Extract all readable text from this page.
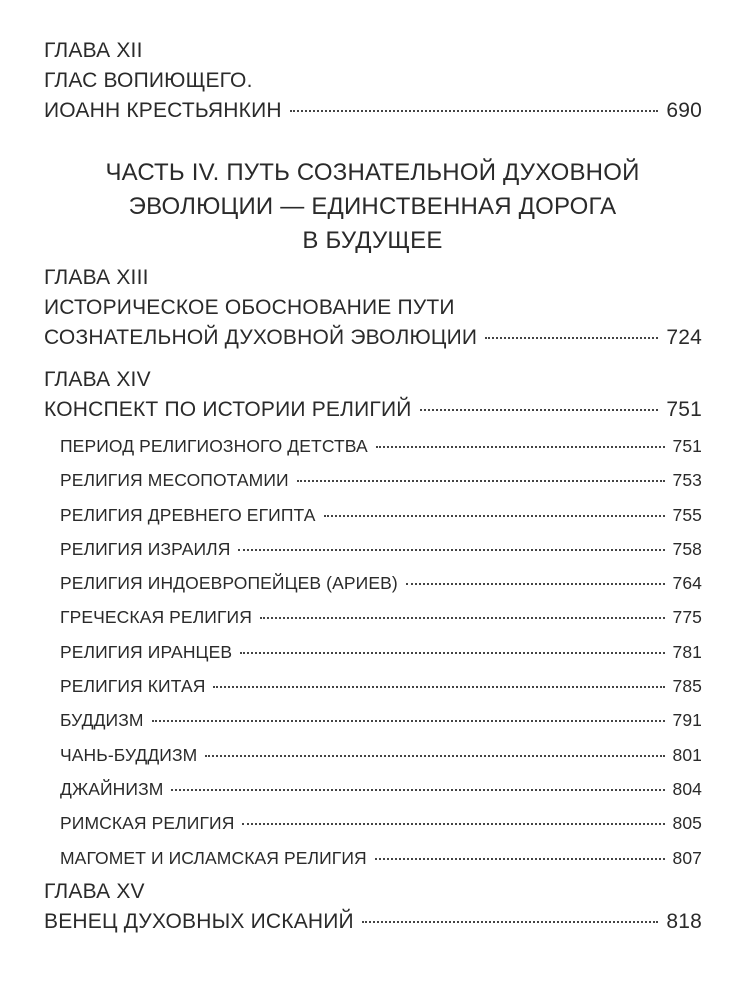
ГЛАВА XII
ГЛАС ВОПИЮЩЕГО.
ИОАНН КРЕСТЬЯНКИН	690
ЧАСТЬ IV. ПУТЬ СОЗНАТЕЛЬНОЙ ДУХОВНОЙ
ЭВОЛЮЦИИ — ЕДИНСТВЕННАЯ ДОРОГА
В БУДУЩЕЕ
ГЛАВА XIII
ИСТОРИЧЕСКОЕ ОБОСНОВАНИЕ ПУТИ
СОЗНАТЕЛЬНОЙ ДУХОВНОЙ ЭВОЛЮЦИИ	724
ГЛАВА XIV
КОНСПЕКТ ПО ИСТОРИИ РЕЛИГИЙ	751
ПЕРИОД РЕЛИГИОЗНОГО ДЕТСТВА	751
РЕЛИГИЯ МЕСОПОТАМИИ	753
РЕЛИГИЯ ДРЕВНЕГО ЕГИПТА	755
РЕЛИГИЯ ИЗРАИЛЯ	758
РЕЛИГИЯ ИНДОЕВРОПЕЙЦЕВ (АРИЕВ)	764
ГРЕЧЕСКАЯ РЕЛИГИЯ	775
РЕЛИГИЯ ИРАНЦЕВ	781
РЕЛИГИЯ КИТАЯ	785
БУДДИЗМ	791
ЧАНЬ-БУДДИЗМ	801
ДЖАЙНИЗМ	804
РИМСКАЯ РЕЛИГИЯ	805
МАГОМЕТ И ИСЛАМСКАЯ РЕЛИГИЯ	807
ГЛАВА XV
ВЕНЕЦ ДУХОВНЫХ ИСКАНИЙ	818
